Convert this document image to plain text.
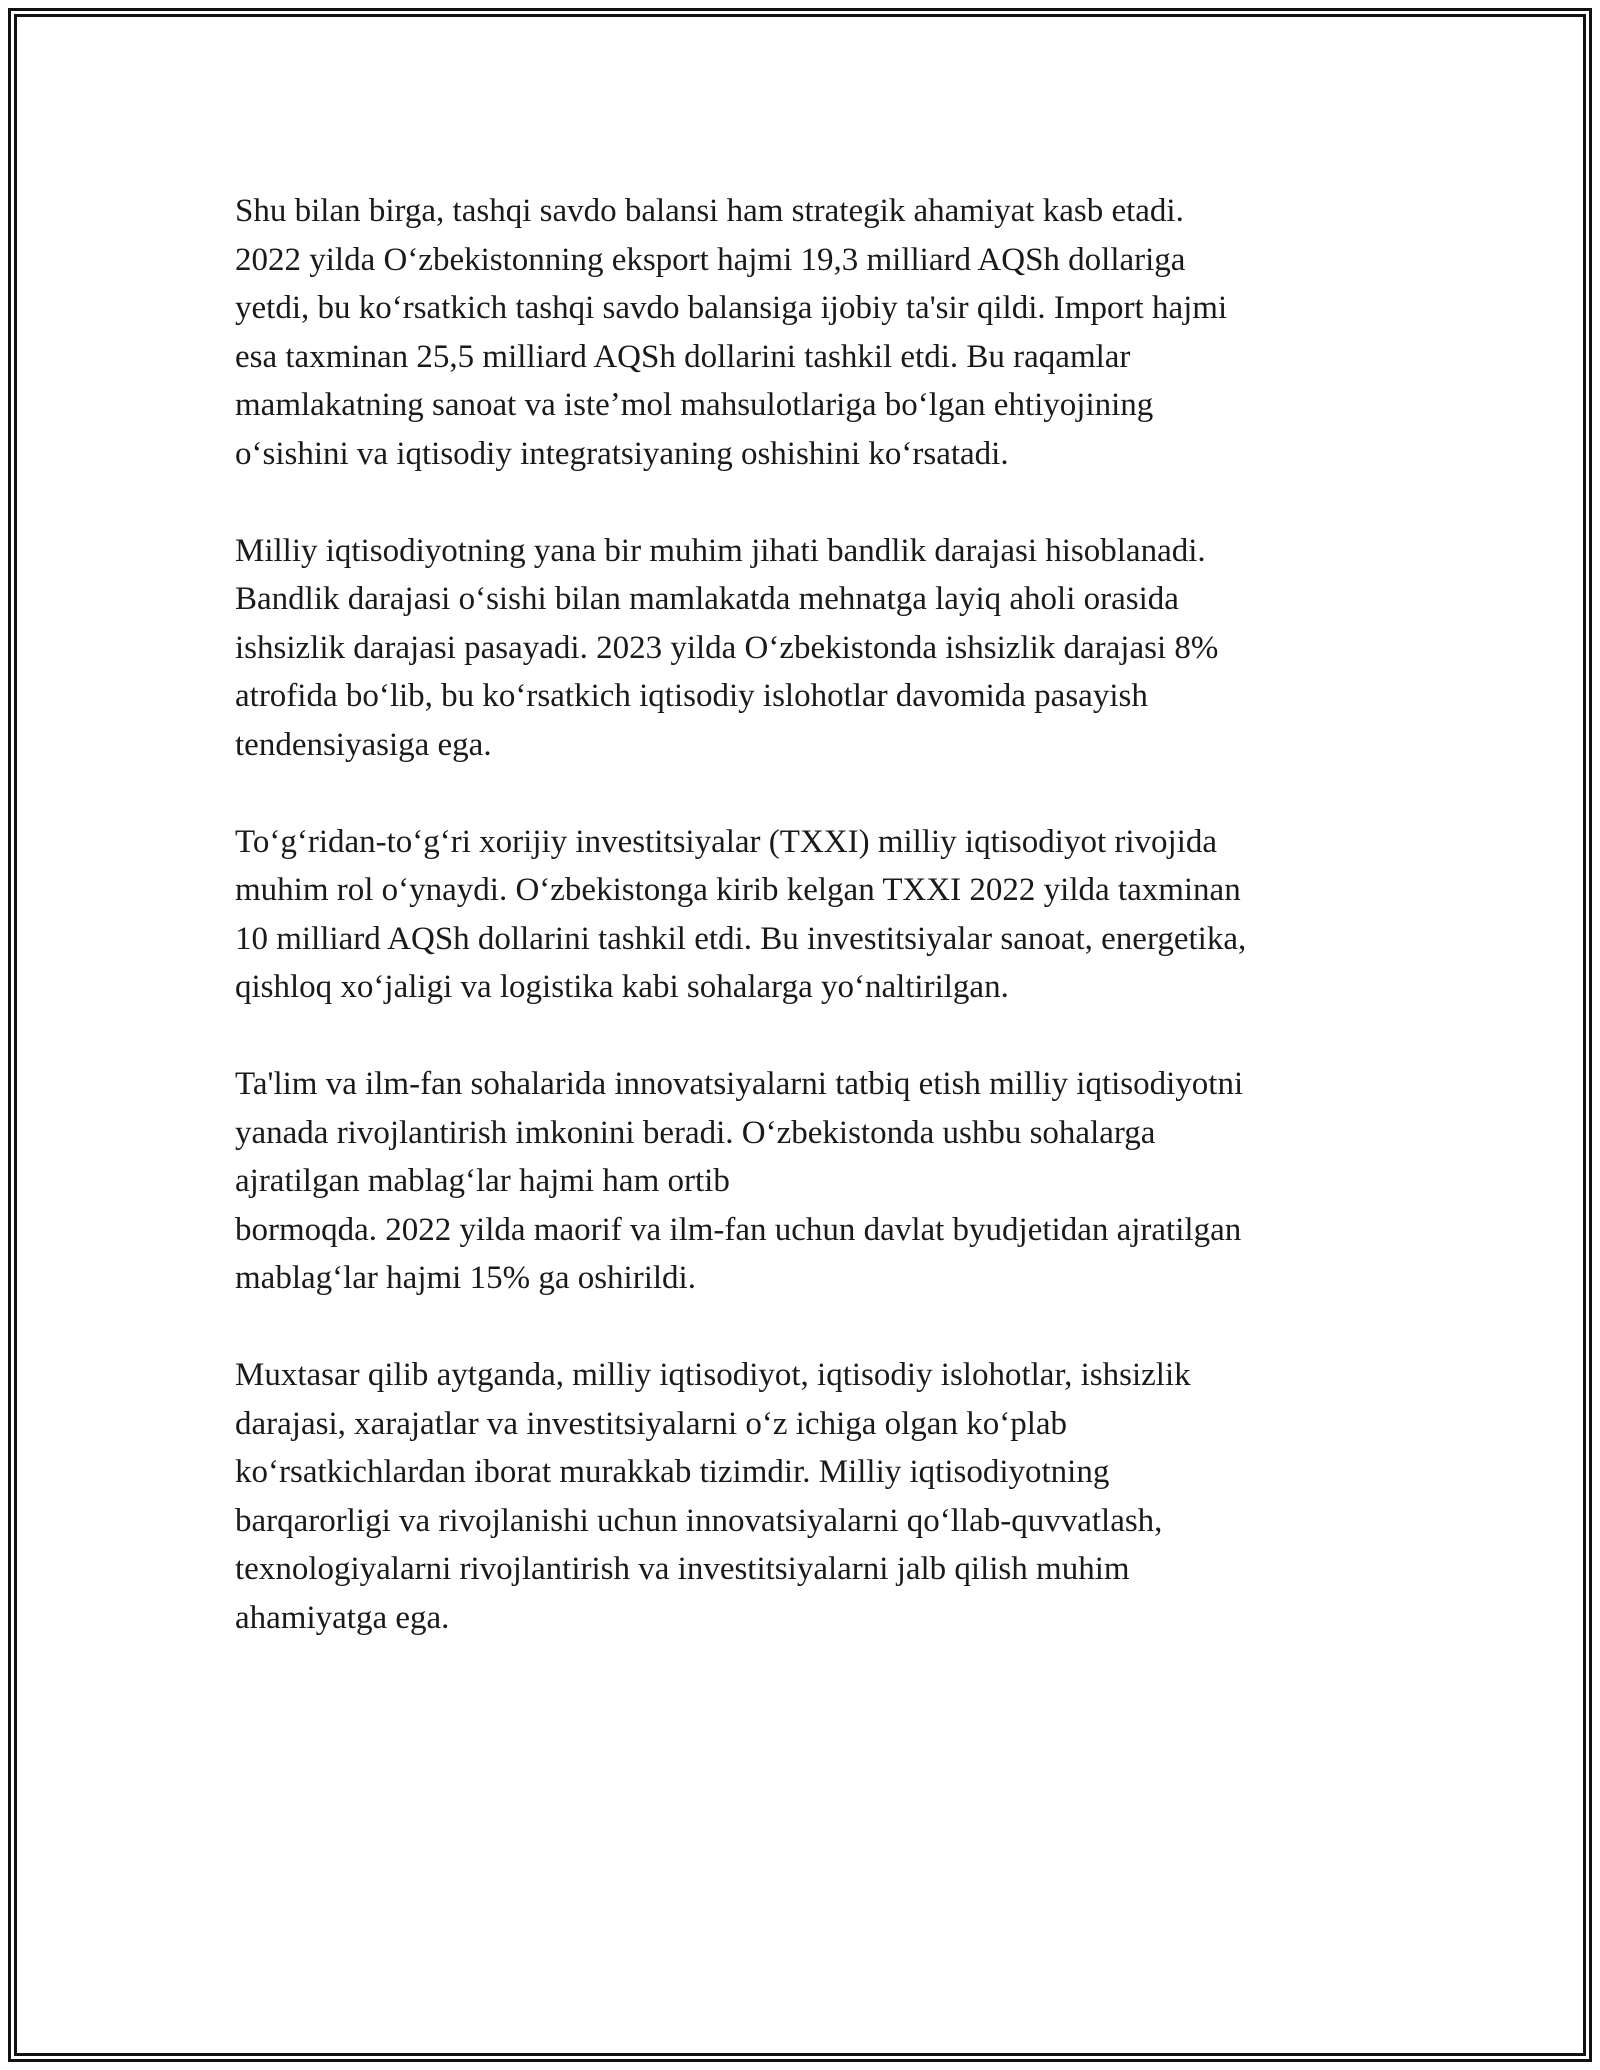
Shu bilan birga, tashqi savdo balansi ham strategik ahamiyat kasb etadi.
2022 yilda Oʻzbekistonning eksport hajmi 19,3 milliard AQSh dollariga
yetdi, bu koʻrsatkich tashqi savdo balansiga ijobiy ta'sir qildi. Import hajmi
esa taxminan 25,5 milliard AQSh dollarini tashkil etdi. Bu raqamlar
mamlakatning sanoat va isteʼmol mahsulotlariga boʻlgan ehtiyojining
oʻsishini va iqtisodiy integratsiyaning oshishini koʻrsatadi.

Milliy iqtisodiyotning yana bir muhim jihati bandlik darajasi hisoblanadi.
Bandlik darajasi oʻsishi bilan mamlakatda mehnatga layiq aholi orasida
ishsizlik darajasi pasayadi. 2023 yilda Oʻzbekistonda ishsizlik darajasi 8%
atrofida boʻlib, bu koʻrsatkich iqtisodiy islohotlar davomida pasayish
tendensiyasiga ega.

Toʻgʻridan-toʻgʻri xorijiy investitsiyalar (TXXI) milliy iqtisodiyot rivojida
muhim rol oʻynaydi. Oʻzbekistonga kirib kelgan TXXI 2022 yilda taxminan
10 milliard AQSh dollarini tashkil etdi. Bu investitsiyalar sanoat, energetika,
qishloq xoʻjaligi va logistika kabi sohalarga yoʻnaltirilgan.

Ta'lim va ilm-fan sohalarida innovatsiyalarni tatbiq etish milliy iqtisodiyotni
yanada rivojlantirish imkonini beradi. Oʻzbekistonda ushbu sohalarga
ajratilgan mablagʻlar hajmi ham ortib
bormoqda. 2022 yilda maorif va ilm-fan uchun davlat byudjetidan ajratilgan
mablagʻlar hajmi 15% ga oshirildi.

Muxtasar qilib aytganda, milliy iqtisodiyot, iqtisodiy islohotlar, ishsizlik
darajasi, xarajatlar va investitsiyalarni oʻz ichiga olgan koʻplab
koʻrsatkichlardan iborat murakkab tizimdir. Milliy iqtisodiyotning
barqarorligi va rivojlanishi uchun innovatsiyalarni qoʻllab-quvvatlash,
texnologiyalarni rivojlantirish va investitsiyalarni jalb qilish muhim
ahamiyatga ega.
